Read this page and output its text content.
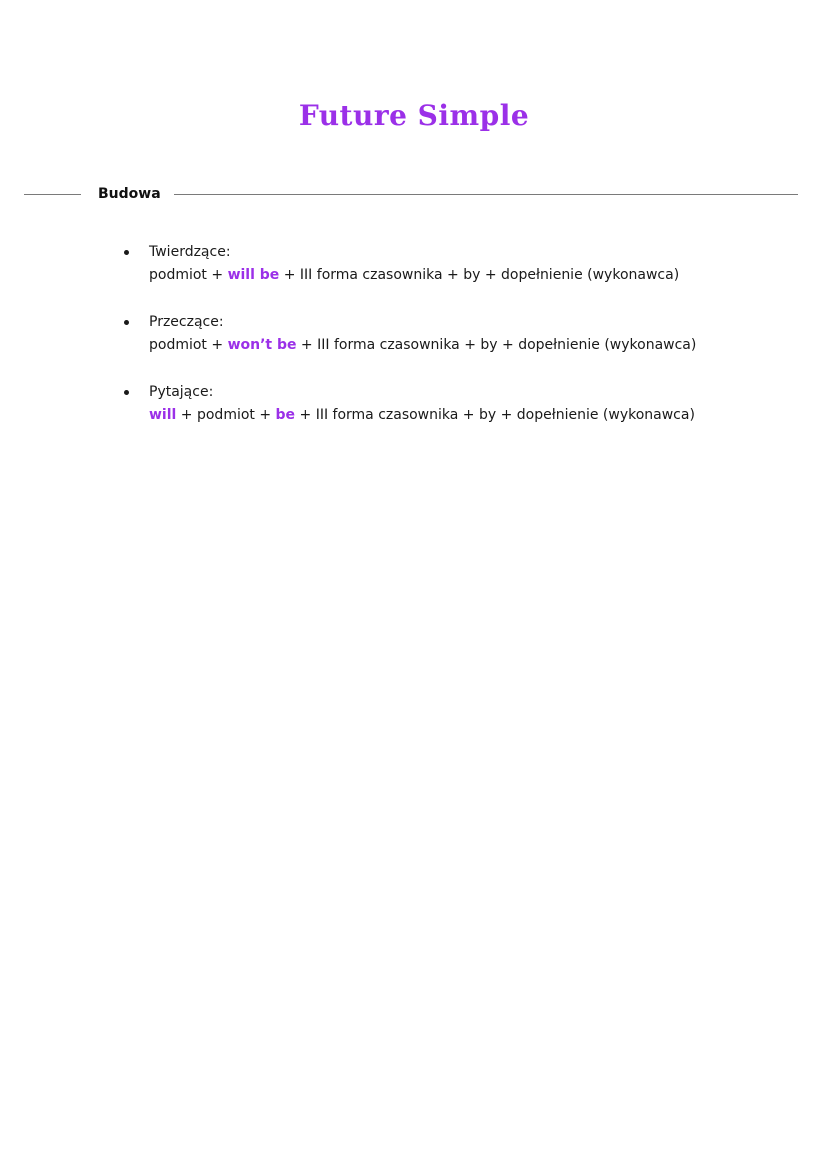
Future Simple
Budowa
Twierdzące:
podmiot + will be + III forma czasownika + by + dopełnienie (wykonawca)
Przeczące:
podmiot + won’t be + III forma czasownika + by + dopełnienie (wykonawca)
Pytające:
will + podmiot + be + III forma czasownika + by + dopełnienie (wykonawca)
